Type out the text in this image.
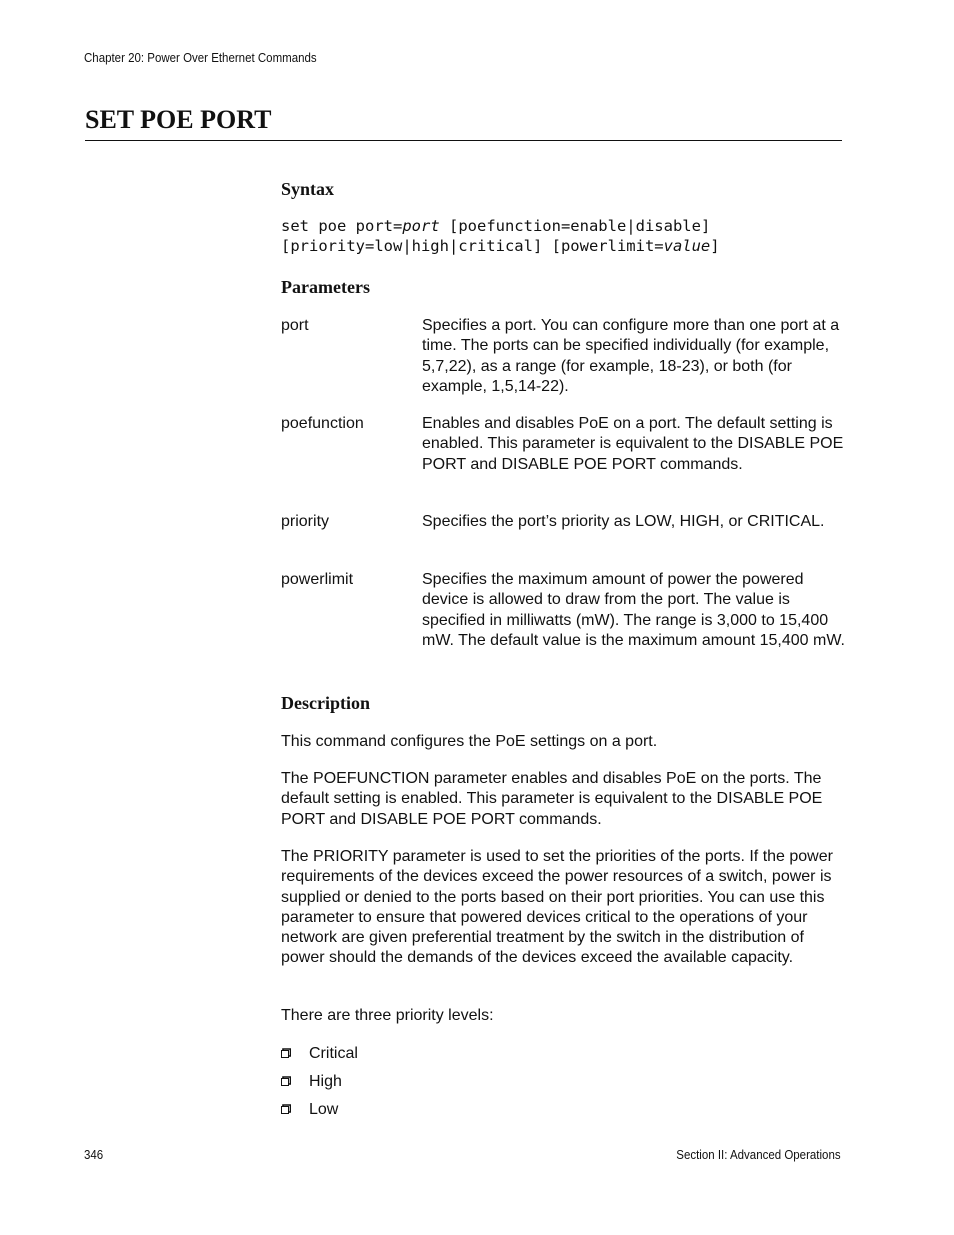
Chapter 20: Power Over Ethernet Commands
SET POE PORT
Syntax
set poe port=port [poefunction=enable|disable]
[priority=low|high|critical] [powerlimit=value]
Parameters
port	Specifies a port. You can configure more than one port at a time. The ports can be specified individually (for example, 5,7,22), as a range (for example, 18-23), or both (for example, 1,5,14-22).
poefunction	Enables and disables PoE on a port. The default setting is enabled. This parameter is equivalent to the DISABLE POE PORT and DISABLE POE PORT commands.
priority	Specifies the port’s priority as LOW, HIGH, or CRITICAL.
powerlimit	Specifies the maximum amount of power the powered device is allowed to draw from the port. The value is specified in milliwatts (mW). The range is 3,000 to 15,400 mW. The default value is the maximum amount 15,400 mW.
Description

This command configures the PoE settings on a port.

The POEFUNCTION parameter enables and disables PoE on the ports. The default setting is enabled. This parameter is equivalent to the DISABLE POE PORT and DISABLE POE PORT commands.

The PRIORITY parameter is used to set the priorities of the ports. If the power requirements of the devices exceed the power resources of a switch, power is supplied or denied to the ports based on their port priorities. You can use this parameter to ensure that powered devices critical to the operations of your network are given preferential treatment by the switch in the distribution of power should the demands of the devices exceed the available capacity.

There are three priority levels:

Critical
High
Low
346	Section II: Advanced Operations
